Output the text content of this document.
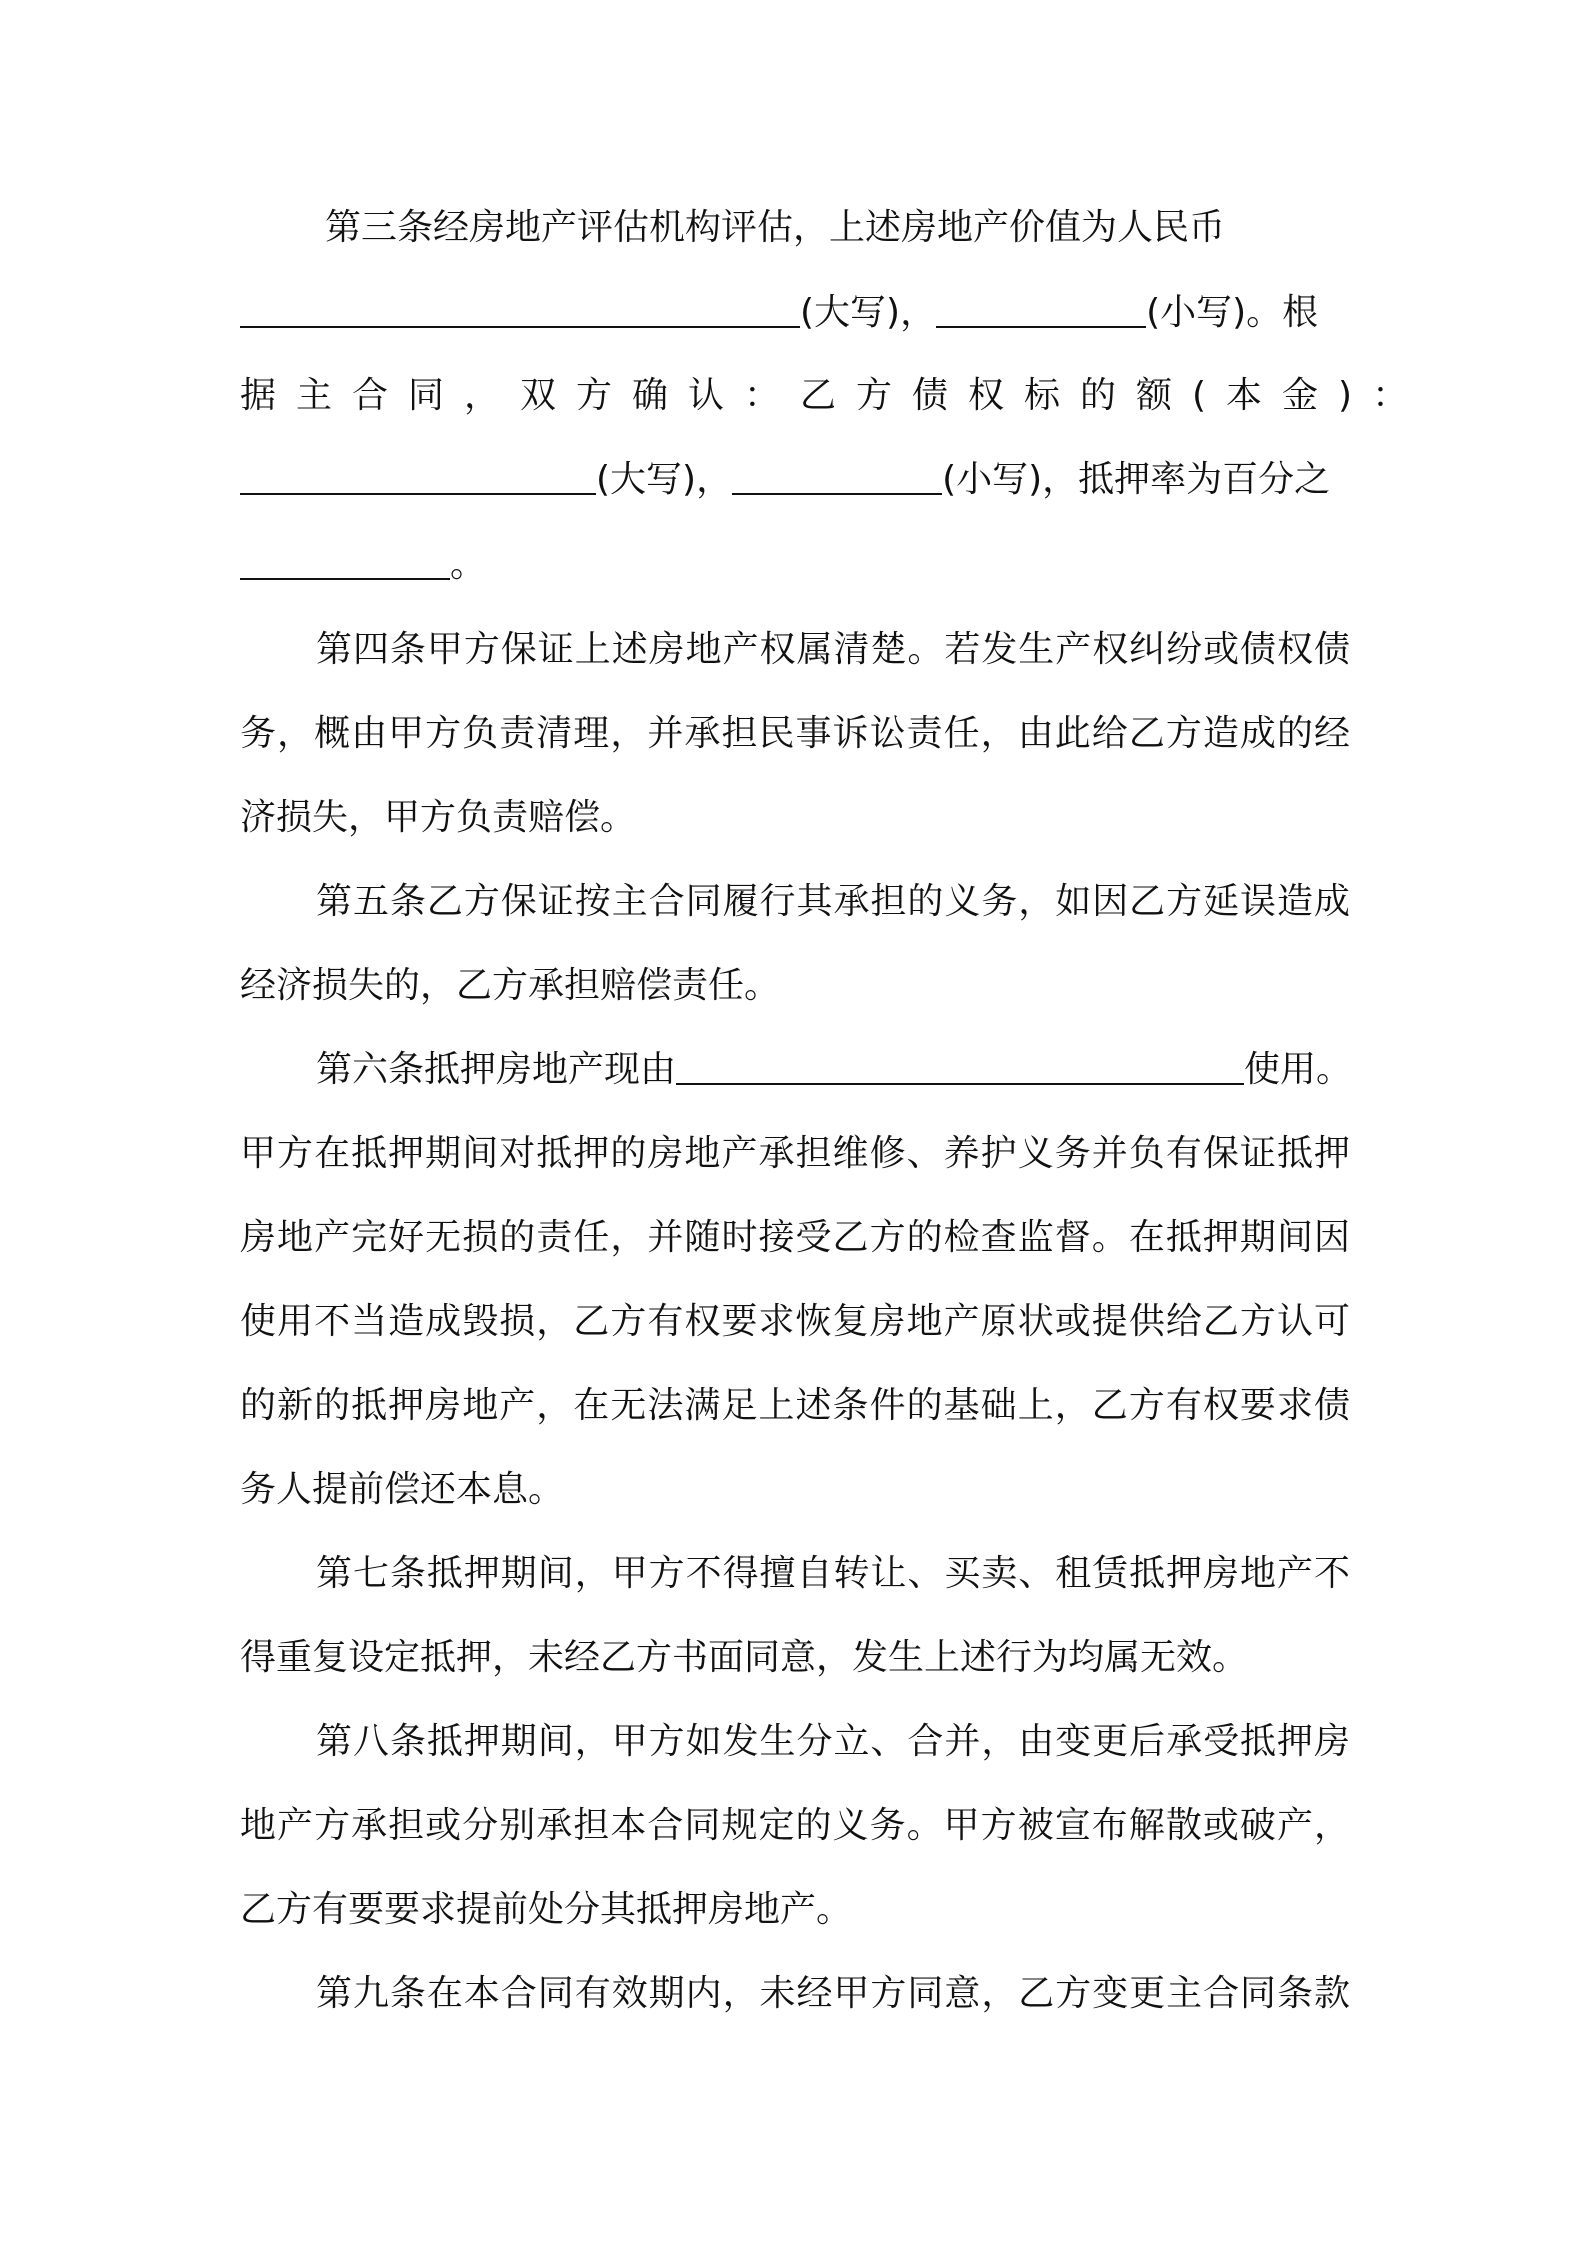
第三条经房地产评估机构评估，上述房地产价值为人民币
(大写)，	(小写)。根
据主合同，双方确认：乙方债权标的额(本金)：
(大写)，	(小写)，抵押率为百分之
。
第四条甲方保证上述房地产权属清楚。若发生产权纠纷或债权债
务，概由甲方负责清理，并承担民事诉讼责任，由此给乙方造成的经
济损失，甲方负责赔偿。
第五条乙方保证按主合同履行其承担的义务，如因乙方延误造成
经济损失的，乙方承担赔偿责任。
第六条抵押房地产现由	使用。
甲方在抵押期间对抵押的房地产承担维修、养护义务并负有保证抵押
房地产完好无损的责任，并随时接受乙方的检查监督。在抵押期间因
使用不当造成毁损，乙方有权要求恢复房地产原状或提供给乙方认可
的新的抵押房地产，在无法满足上述条件的基础上，乙方有权要求债
务人提前偿还本息。
第七条抵押期间，甲方不得擅自转让、买卖、租赁抵押房地产不
得重复设定抵押，未经乙方书面同意，发生上述行为均属无效。
第八条抵押期间，甲方如发生分立、合并，由变更后承受抵押房
地产方承担或分别承担本合同规定的义务。甲方被宣布解散或破产，
乙方有要要求提前处分其抵押房地产。
第九条在本合同有效期内，未经甲方同意，乙方变更主合同条款
